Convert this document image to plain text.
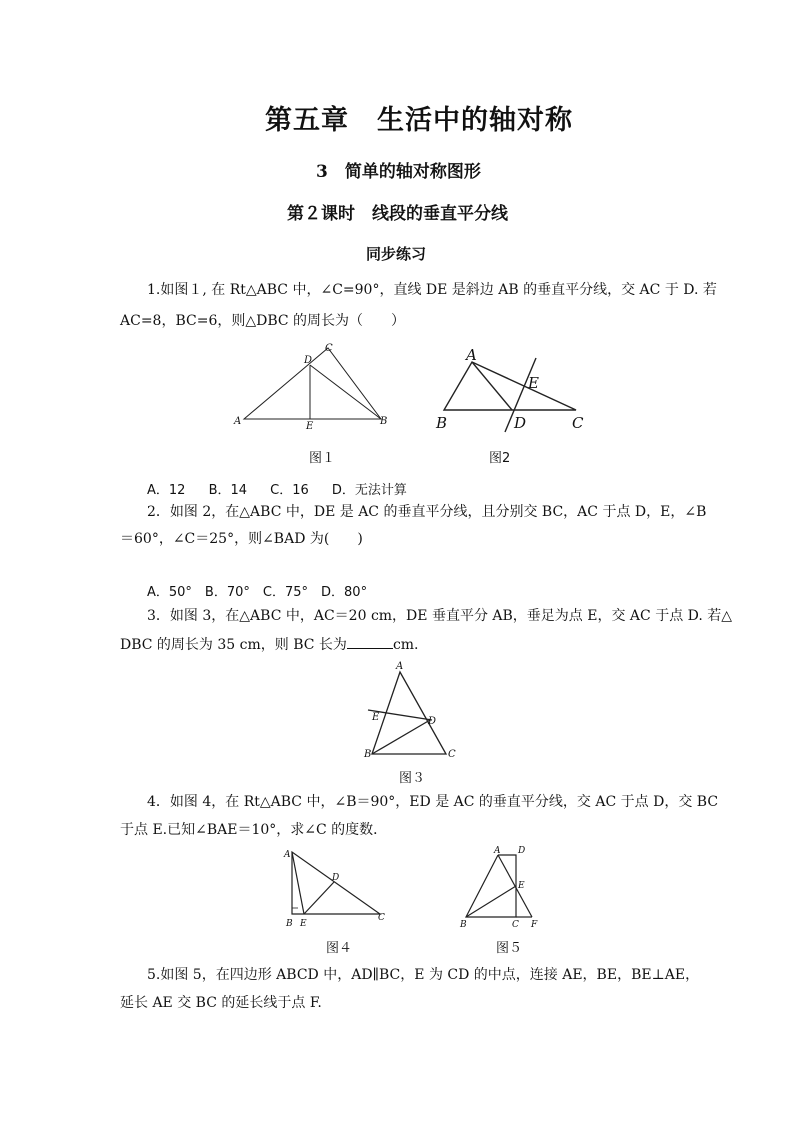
第五章　生活中的轴对称
3　简单的轴对称图形
第２课时　线段的垂直平分线
同步练习
1.如图１, 在 Rt△ABC 中，∠C=90°，直线 DE 是斜边 AB 的垂直平分线，交 AC 于 D. 若
AC=8，BC=6，则△DBC 的周长为（　　）
A	B
C
D
E
图１
A
B	C
D
E
图2
A．12　 B．14　 C．16　 D．无法计算
2．如图 2，在△ABC 中，DE 是 AC 的垂直平分线，且分别交 BC，AC 于点 D，E，∠B
＝60°，∠C＝25°，则∠BAD 为(　　)
A．50°　B．70°　C．75°　D．80°
3．如图 3，在△ABC 中，AC＝20 cm，DE 垂直平分 AB，垂足为点 E，交 AC 于点 D. 若△
DBC 的周长为 35 cm，则 BC 长为	cm.
A
B	C
D
E
图３
4．如图 4，在 Rt△ABC 中，∠B＝90°，ED 是 AC 的垂直平分线，交 AC 于点 D，交 BC
于点 E.已知∠BAE＝10°，求∠C 的度数．
A
B
C
D
E
图４
A
B	C
D
E
F
图５
5.如图 5，在四边形 ABCD 中，AD∥BC，E 为 CD 的中点，连接 AE，BE，BE⊥AE，
延长 AE 交 BC 的延长线于点 F.
